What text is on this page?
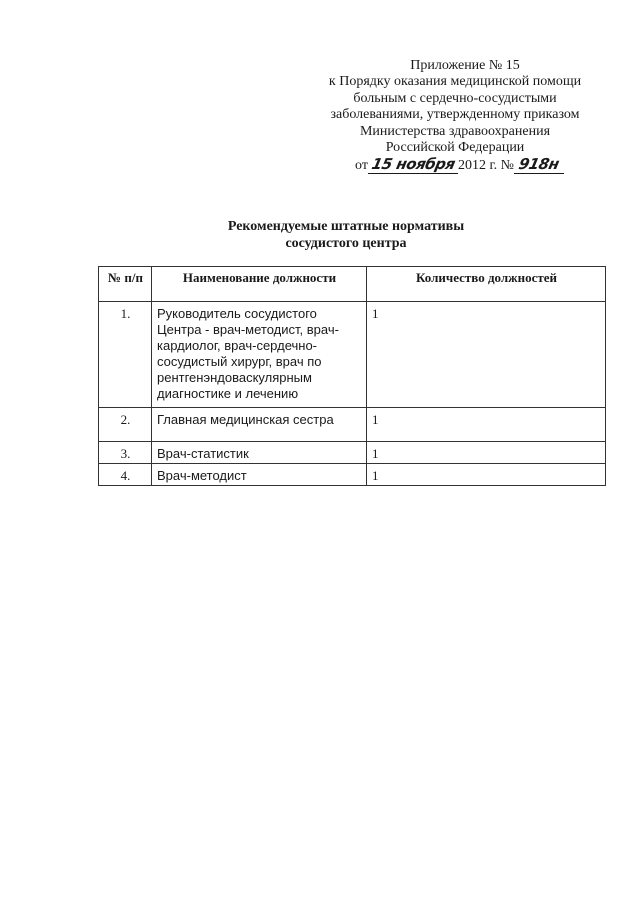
Приложение № 15
к Порядку оказания медицинской помощи
больным с сердечно-сосудистыми
заболеваниями, утвержденному приказом
Министерства здравоохранения
Российской Федерации
от 15 ноября 2012 г. № 918н
Рекомендуемые штатные нормативы
сосудистого центра
№ п/п	Наименование должности	Количество должностей
1.	Руководитель сосудистого Центра - врач-методист, врач-кардиолог, врач-сердечно-сосудистый хирург, врач по рентгенэндоваскулярным диагностике и лечению	1
2.	Главная медицинская сестра	1
3.	Врач-статистик	1
4.	Врач-методист	1
